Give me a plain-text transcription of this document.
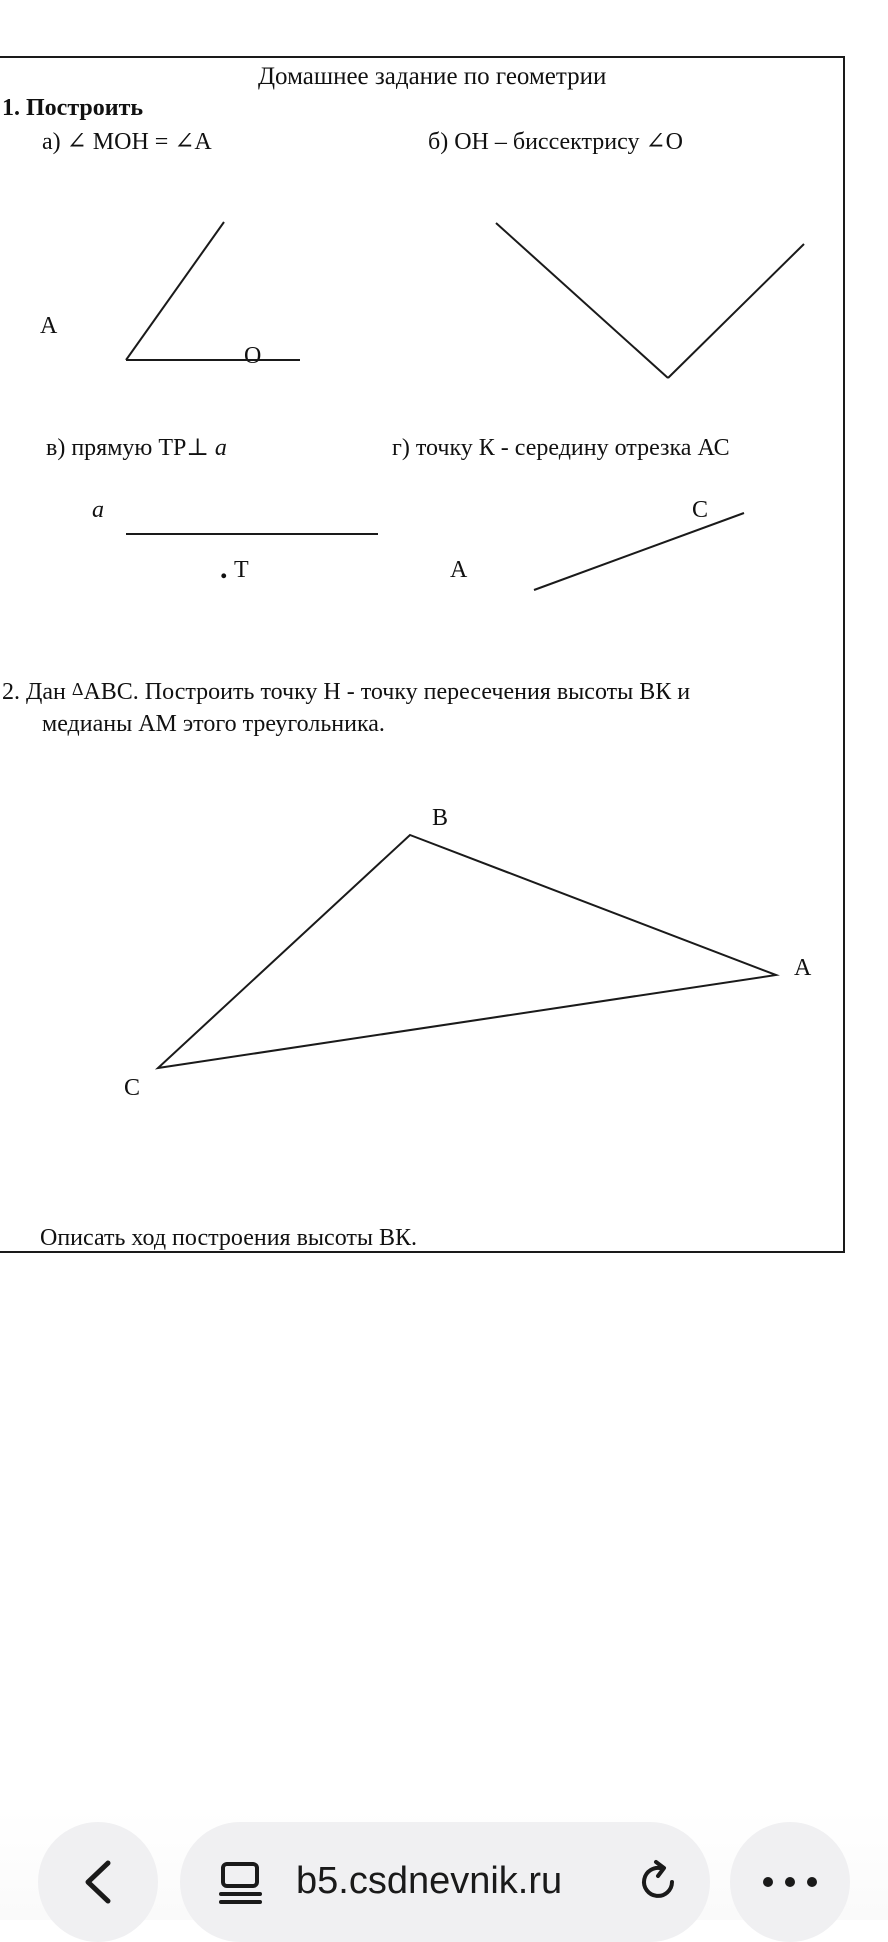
Домашнее задание по геометрии
1. Построить
а) ∠ МОН = ∠А	б) ОН – биссектрису ∠О
А
О
в) прямую ТР⊥ a	г) точку К - середину отрезка АС
a
. Т	А
С
2. Дан ΔАВС. Построить точку Н - точку пересечения высоты ВК и
медианы АМ этого треугольника.
В
А
С
Описать ход построения высоты ВК.
b5.csdnevnik.ru
